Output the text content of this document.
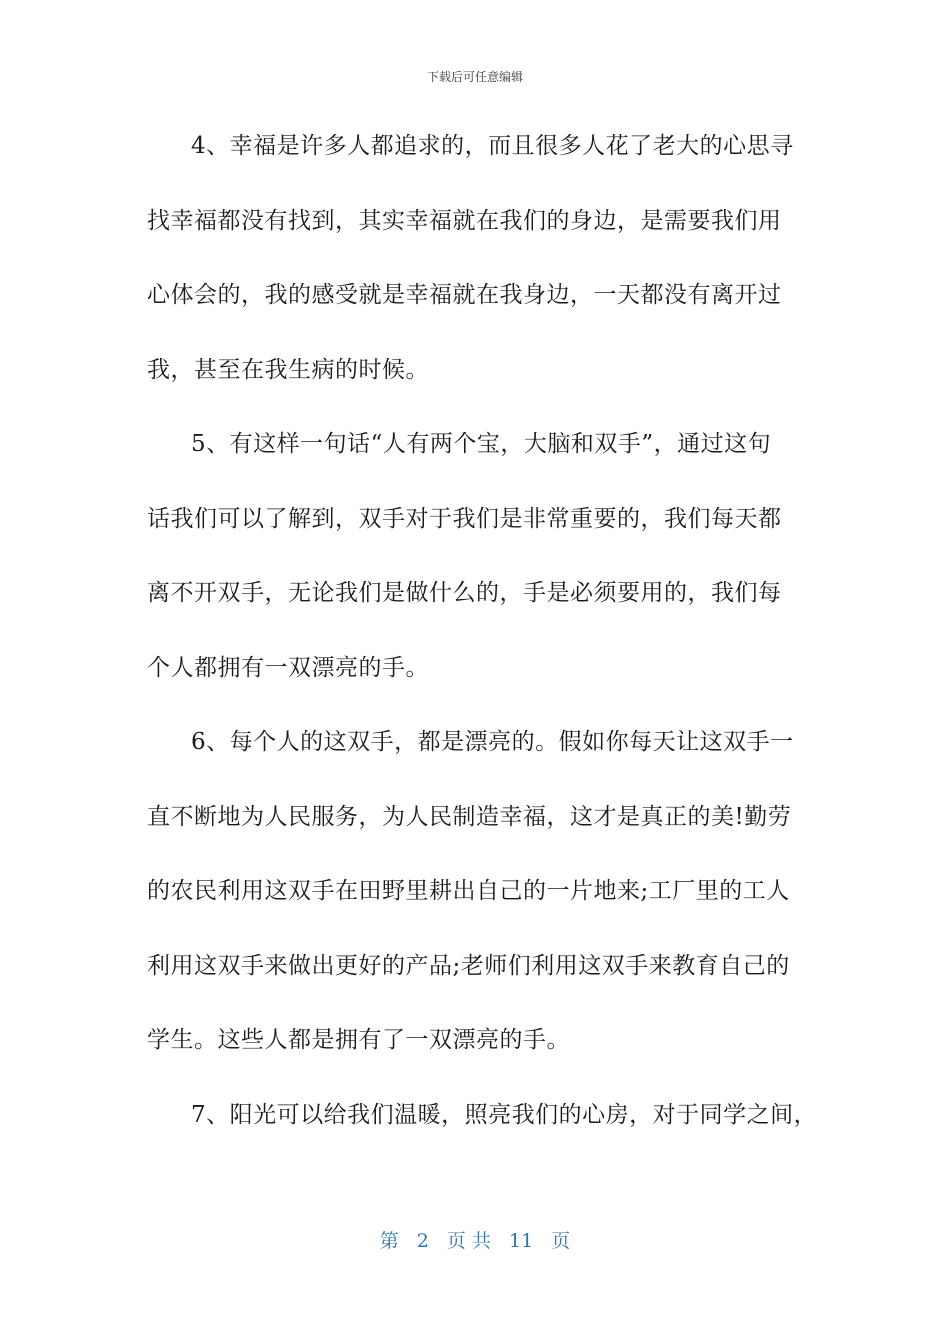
下载后可任意编辑
4、幸福是许多人都追求的，而且很多人花了老大的心思寻
找幸福都没有找到，其实幸福就在我们的身边，是需要我们用
心体会的，我的感受就是幸福就在我身边，一天都没有离开过
我，甚至在我生病的时候。
5、有这样一句话“人有两个宝，大脑和双手”，通过这句
话我们可以了解到，双手对于我们是非常重要的，我们每天都
离不开双手，无论我们是做什么的，手是必须要用的，我们每
个人都拥有一双漂亮的手。
6、每个人的这双手，都是漂亮的。假如你每天让这双手一
直不断地为人民服务，为人民制造幸福，这才是真正的美!勤劳
的农民利用这双手在田野里耕出自己的一片地来;工厂里的工人
利用这双手来做出更好的产品;老师们利用这双手来教育自己的
学生。这些人都是拥有了一双漂亮的手。
7、阳光可以给我们温暖，照亮我们的心房，对于同学之间，
第 2 页 共 11 页
